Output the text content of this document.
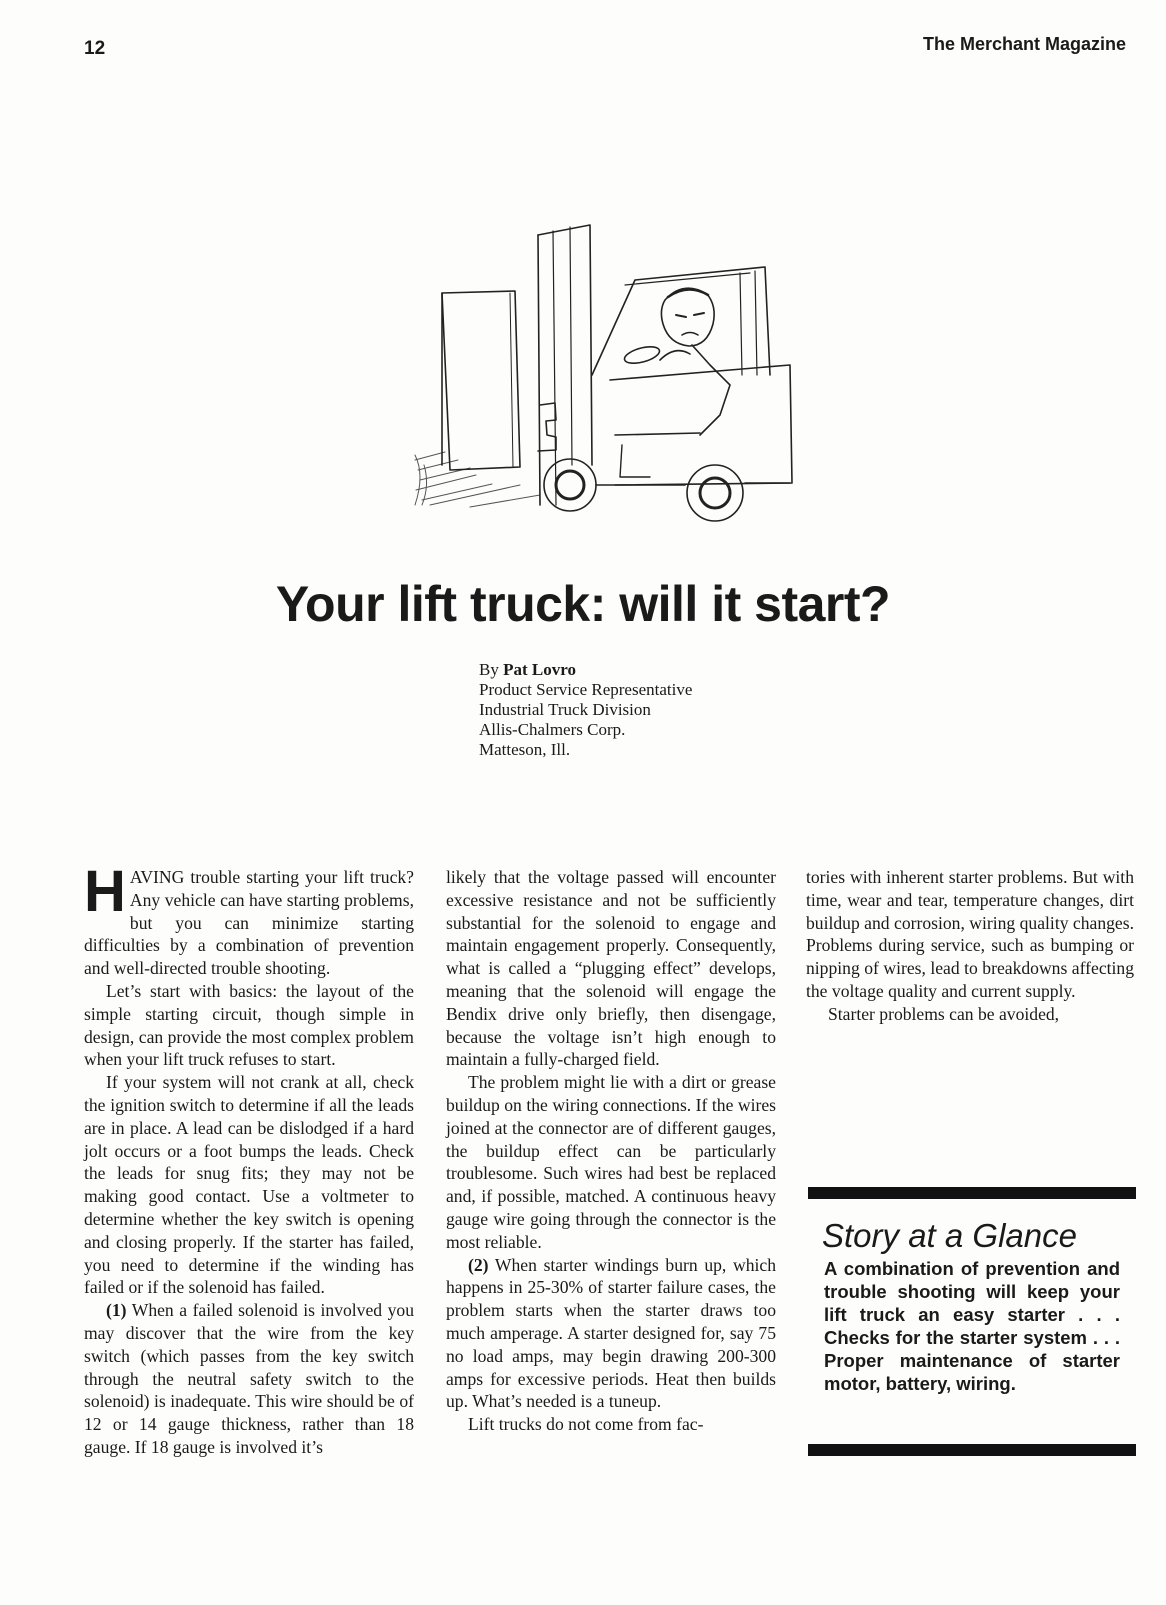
12	The Merchant Magazine
Your lift truck: will it start?
By Pat Lovro
Product Service Representative
Industrial Truck Division
Allis-Chalmers Corp.
Matteson, Ill.

HAVING trouble starting your lift truck? Any vehicle can have starting problems, but you can minimize starting difficulties by a combination of prevention and well-directed trouble shooting.

Let’s start with basics: the layout of the simple starting circuit, though simple in design, can provide the most complex problem when your lift truck refuses to start.

If your system will not crank at all, check the ignition switch to determine if all the leads are in place. A lead can be dislodged if a hard jolt occurs or a foot bumps the leads. Check the leads for snug fits; they may not be making good contact. Use a voltmeter to determine whether the key switch is opening and closing properly. If the starter has failed, you need to determine if the winding has failed or if the solenoid has failed.

(1) When a failed solenoid is involved you may discover that the wire from the key switch (which passes from the key switch through the neutral safety switch to the solenoid) is inadequate. This wire should be of 12 or 14 gauge thickness, rather than 18 gauge. If 18 gauge is involved it’s

likely that the voltage passed will encounter excessive resistance and not be sufficiently substantial for the solenoid to engage and maintain engagement properly. Consequently, what is called a “plugging effect” develops, meaning that the solenoid will engage the Bendix drive only briefly, then disengage, because the voltage isn’t high enough to maintain a fully-charged field.

The problem might lie with a dirt or grease buildup on the wiring connections. If the wires joined at the connector are of different gauges, the buildup effect can be particularly troublesome. Such wires had best be replaced and, if possible, matched. A continuous heavy gauge wire going through the connector is the most reliable.

(2) When starter windings burn up, which happens in 25-30% of starter failure cases, the problem starts when the starter draws too much amperage. A starter designed for, say 75 no load amps, may begin drawing 200-300 amps for excessive periods. Heat then builds up. What’s needed is a tuneup.

Lift trucks do not come from fac-

tories with inherent starter problems. But with time, wear and tear, temperature changes, dirt buildup and corrosion, wiring quality changes. Problems during service, such as bumping or nipping of wires, lead to breakdowns affecting the voltage quality and current supply.

Starter problems can be avoided,

Story at a Glance
A combination of prevention and trouble shooting will keep your lift truck an easy starter . . . Checks for the starter system . . . Proper maintenance of starter motor, battery, wiring.
